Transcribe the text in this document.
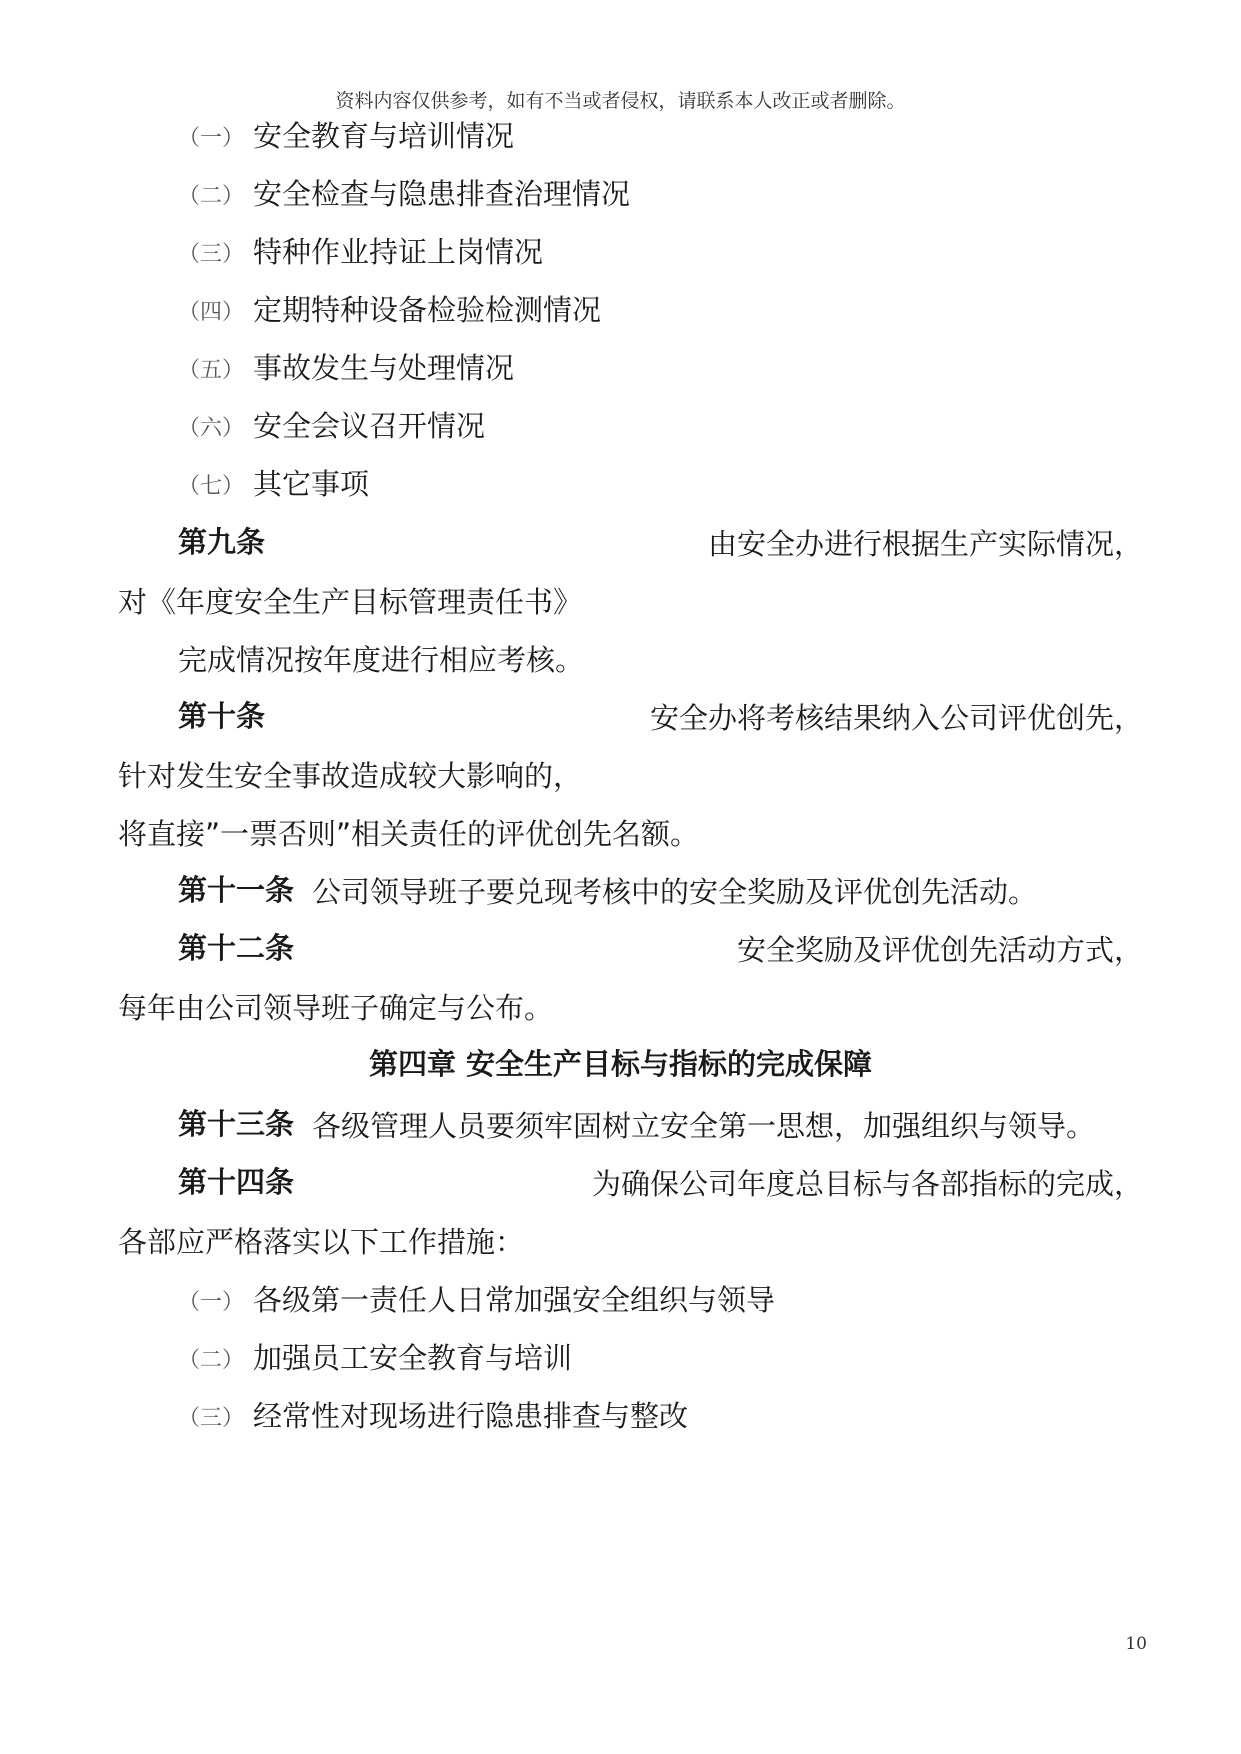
资料内容仅供参考，如有不当或者侵权，请联系本人改正或者删除。
（一） 安全教育与培训情况
（二） 安全检查与隐患排查治理情况
（三） 特种作业持证上岗情况
（四） 定期特种设备检验检测情况
（五） 事故发生与处理情况
（六） 安全会议召开情况
（七） 其它事项
第九条	由安全办进行根据生产实际情况，
对《年度安全生产目标管理责任书》
完成情况按年度进行相应考核。
第十条	安全办将考核结果纳入公司评优创先，
针对发生安全事故造成较大影响的，
将直接”一票否则”相关责任的评优创先名额。
第十一条 公司领导班子要兑现考核中的安全奖励及评优创先活动。
第十二条	安全奖励及评优创先活动方式，
每年由公司领导班子确定与公布。
第四章 安全生产目标与指标的完成保障
第十三条 各级管理人员要须牢固树立安全第一思想，加强组织与领导。
第十四条	为确保公司年度总目标与各部指标的完成，
各部应严格落实以下工作措施：
（一） 各级第一责任人日常加强安全组织与领导
（二） 加强员工安全教育与培训
（三） 经常性对现场进行隐患排查与整改
10
